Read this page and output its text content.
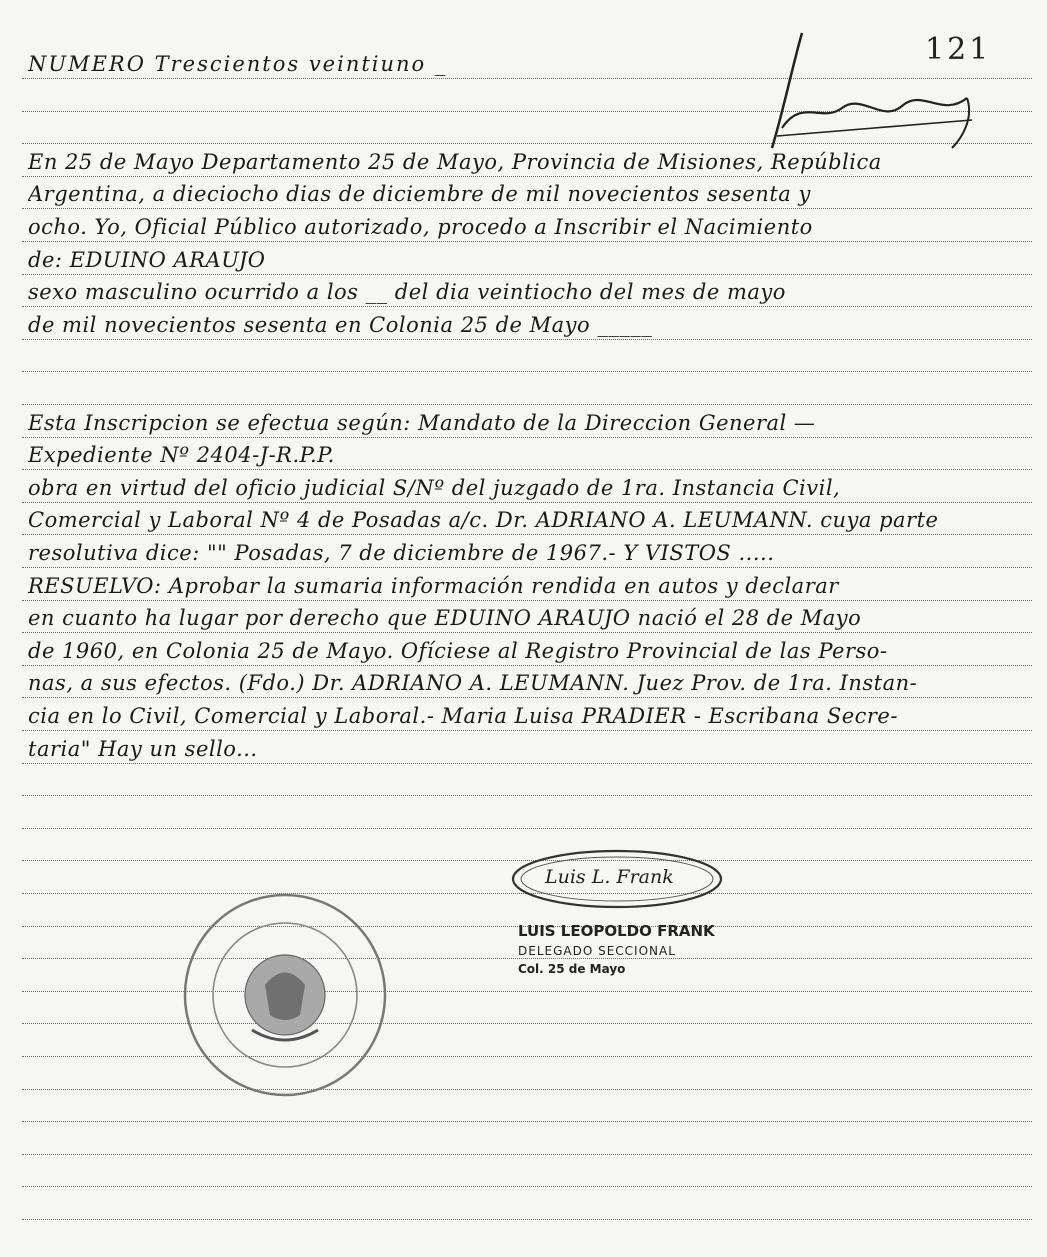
121
NUMERO Trescientos veintiuno _
En 25 de Mayo Departamento 25 de Mayo, Provincia de Misiones, República
Argentina, a dieciocho dias de diciembre de mil novecientos sesenta y
ocho. Yo, Oficial Público autorizado, procedo a Inscribir el Nacimiento
de: EDUINO ARAUJO
sexo masculino ocurrido a los __ del dia veintiocho del mes de mayo
de mil novecientos sesenta en Colonia 25 de Mayo _____
Esta Inscripcion se efectua según: Mandato de la Direccion General —
Expediente Nº 2404-J-R.P.P.
obra en virtud del oficio judicial S/Nº del juzgado de 1ra. Instancia Civil,
Comercial y Laboral Nº 4 de Posadas a/c. Dr. ADRIANO A. LEUMANN. cuya parte
resolutiva dice: "" Posadas, 7 de diciembre de 1967.- Y VISTOS .....
RESUELVO: Aprobar la sumaria información rendida en autos y declarar
en cuanto ha lugar por derecho que EDUINO ARAUJO nació el 28 de Mayo
de 1960, en Colonia 25 de Mayo. Ofíciese al Registro Provincial de las Perso-
nas, a sus efectos. (Fdo.) Dr. ADRIANO A. LEUMANN. Juez Prov. de 1ra. Instan-
cia en lo Civil, Comercial y Laboral.- Maria Luisa PRADIER - Escribana Secre-
taria" Hay un sello...
Luis L. Frank
LUIS LEOPOLDO FRANK
DELEGADO SECCIONAL
Col. 25 de Mayo
